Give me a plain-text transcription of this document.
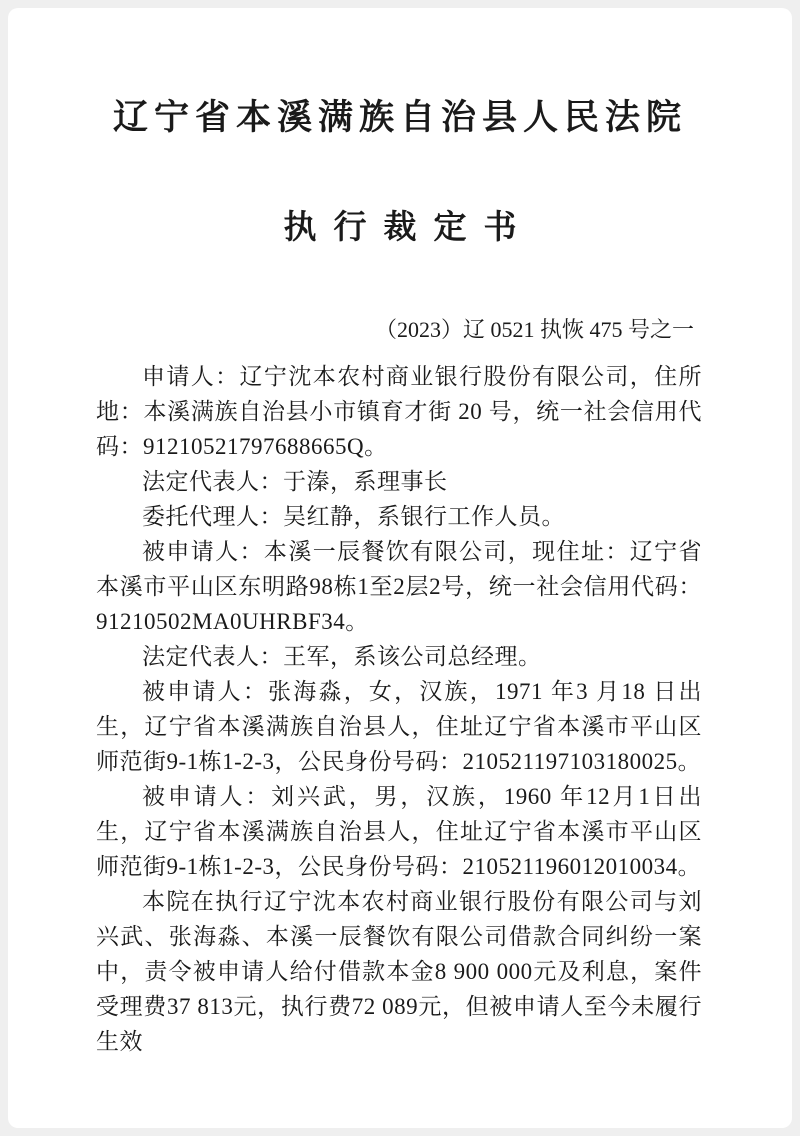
辽宁省本溪满族自治县人民法院
执行裁定书
（2023）辽 0521 执恢 475 号之一

申请人：辽宁沈本农村商业银行股份有限公司，住所地：本溪满族自治县小市镇育才街 20 号，统一社会信用代码：91210521797688665Q。

法定代表人：于溱，系理事长

委托代理人：吴红静，系银行工作人员。

被申请人：本溪一辰餐饮有限公司，现住址：辽宁省本溪市平山区东明路98栋1至2层2号，统一社会信用代码：91210502MA0UHRBF34。

法定代表人：王军，系该公司总经理。

被申请人：张海淼，女，汉族，1971 年3 月18 日出生，辽宁省本溪满族自治县人，住址辽宁省本溪市平山区师范街9-1栋1-2-3，公民身份号码：210521197103180025。

被申请人：刘兴武，男，汉族，1960 年12月1日出生，辽宁省本溪满族自治县人，住址辽宁省本溪市平山区师范街9-1栋1-2-3，公民身份号码：210521196012010034。

本院在执行辽宁沈本农村商业银行股份有限公司与刘兴武、张海淼、本溪一辰餐饮有限公司借款合同纠纷一案中，责令被申请人给付借款本金8 900 000元及利息，案件受理费37 813元，执行费72 089元，但被申请人至今未履行生效
